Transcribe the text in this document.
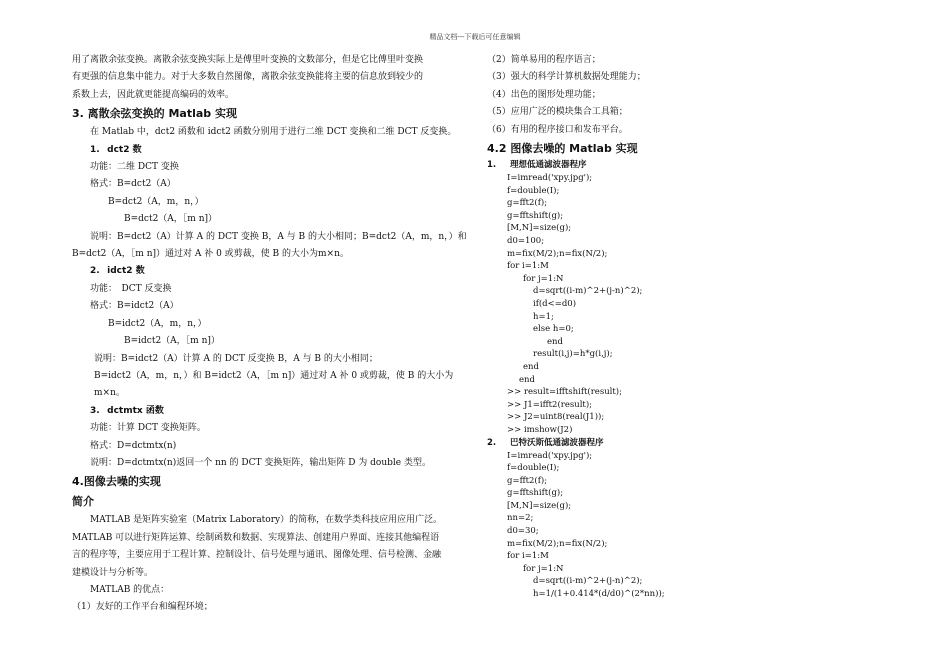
精品文档---下载后可任意编辑
用了离散余弦变换。离散余弦变换实际上是傅里叶变换的文数部分，但是它比傅里叶变换
有更强的信息集中能力。对于大多数自然图像，离散余弦变换能将主要的信息放到较少的
系数上去，因此就更能提高编码的效率。
3. 离散余弦变换的 Matlab 实现
在 Matlab 中，dct2 函数和 idct2 函数分别用于进行二维 DCT 变换和二维 DCT 反变换。
1. dct2 数
功能：二维 DCT 变换
格式：B=dct2（A）
B=dct2（A，m，n，）
B=dct2（A，［m n]）
说明：B=dct2（A）计算 A 的 DCT 变换 B，A 与 B 的大小相同；B=dct2（A，m，n，）和
B=dct2（A，［m n]）通过对 A 补 0 或剪裁，使 B 的大小为m×n。
2. idct2 数
功能：　DCT 反变换
格式：B=idct2（A）
B=idct2（A，m，n，）
B=idct2（A，［m n]）
说明：B=idct2（A）计算 A 的 DCT 反变换 B，A 与 B 的大小相同；
B=idct2（A，m，n，）和 B=idct2（A，［m n]）通过对 A 补 0 或剪裁，使 B 的大小为
m×n。
3. dctmtx 函数
功能：计算 DCT 变换矩阵。
格式：D=dctmtx(n)
说明：D=dctmtx(n)返回一个 nn 的 DCT 变换矩阵，输出矩阵 D 为 double 类型。
4.图像去噪的实现
简介
MATLAB 是矩阵实验室（Matrix Laboratory）的简称，在数学类科技应用应用广泛。
MATLAB 可以进行矩阵运算、绘制函数和数据、实现算法、创建用户界面、连接其他编程语
言的程序等，主要应用于工程计算、控制设计、信号处理与通讯、图像处理、信号检测、金融
建模设计与分析等。
MATLAB 的优点：
（1）友好的工作平台和编程环境；
（2）简单易用的程序语言；
（3）强大的科学计算机数据处理能力；
（4）出色的图形处理功能；
（5）应用广泛的模块集合工具箱；
（6）有用的程序接口和发布平台。
4.2 图像去噪的 Matlab 实现
1. 理想低通滤波器程序
I=imread('xpy.jpg');
f=double(I);
g=fft2(f);
g=fftshift(g);
[M,N]=size(g);
d0=100;
m=fix(M/2);n=fix(N/2);
for i=1:M
for j=1:N
d=sqrt((i-m)^2+(j-n)^2);
if(d<=d0)
h=1;
else h=0;
end
result(i,j)=h*g(i,j);
end
end
>> result=ifftshift(result);
>> J1=ifft2(result);
>> J2=uint8(real(J1));
>> imshow(J2)
2. 巴特沃斯低通滤波器程序
I=imread('xpy.jpg');
f=double(I);
g=fft2(f);
g=fftshift(g);
[M,N]=size(g);
nn=2;
d0=30;
m=fix(M/2);n=fix(N/2);
for i=1:M
for j=1:N
d=sqrt((i-m)^2+(j-n)^2);
h=1/(1+0.414*(d/d0)^(2*nn));
